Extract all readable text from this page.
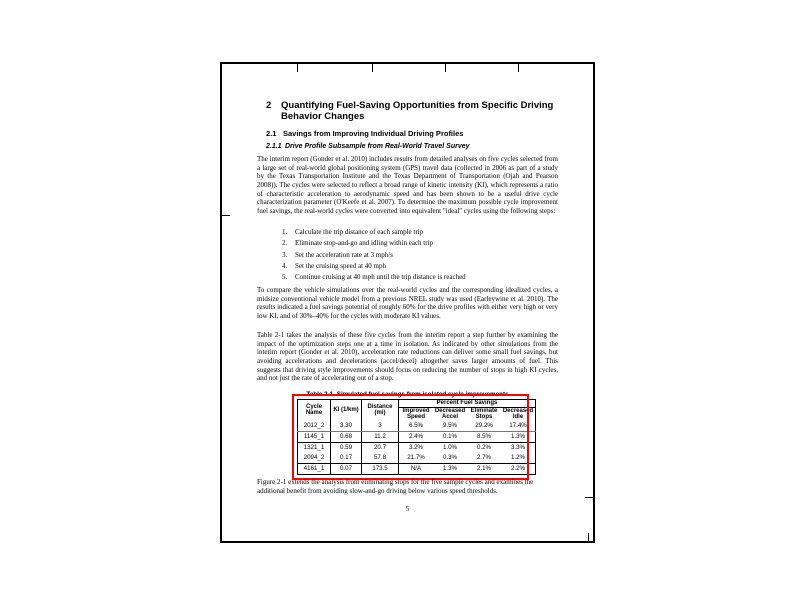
2	Quantifying Fuel-Saving Opportunities from Specific Driving Behavior Changes
2.1 Savings from Improving Individual Driving Profiles
2.1.1 Drive Profile Subsample from Real-World Travel Survey
The interim report (Gonder et al. 2010) includes results from detailed analyses on five cycles selected from a large set of real-world global positioning system (GPS) travel data (collected in 2006 as part of a study by the Texas Transportation Institute and the Texas Department of Transportation (Ojah and Pearson 2008)). The cycles were selected to reflect a broad range of kinetic intensity (KI), which represents a ratio of characteristic acceleration to aerodynamic speed and has been shown to be a useful drive cycle characterization parameter (O'Keefe et al. 2007). To determine the maximum possible cycle improvement fuel savings, the real-world cycles were converted into equivalent "ideal" cycles using the following steps:
1.	Calculate the trip distance of each sample trip
2.	Eliminate stop-and-go and idling within each trip
3.	Set the acceleration rate at 3 mph/s
4.	Set the cruising speed at 40 mph
5.	Continue cruising at 40 mph until the trip distance is reached
To compare the vehicle simulations over the real-world cycles and the corresponding idealized cycles, a midsize conventional vehicle model from a previous NREL study was used (Earleywine et al. 2010). The results indicated a fuel savings potential of roughly 60% for the drive profiles with either very high or very low KI, and of 30%–40% for the cycles with moderate KI values.
Table 2-1 takes the analysis of these five cycles from the interim report a step further by examining the impact of the optimization steps one at a time in isolation. As indicated by other simulations from the interim report (Gonder et al. 2010), acceleration rate reductions can deliver some small fuel savings, but avoiding accelerations and decelerations (accel/decel) altogether saves larger amounts of fuel. This suggests that driving style improvements should focus on reducing the number of stops in high KI cycles, and not just the rate of accelerating out of a stop.
Table 2-1. Simulated fuel savings from isolated cycle improvements
Cycle Name	KI (1/km)	Distance (mi)	Percent Fuel Savings			
			Improved Speed	Decreased Accel	Eliminate Stops	Decreased Idle
2012_2	3.30	3	6.5%	9.5%	29.2%	17.4%
1145_1	0.68	11.2	2.4%	0.1%	8.5%	1.3%
1321_1	0.59	20.7	3.2%	1.0%	0.2%	3.3%
2094_2	0.17	57.8	21.7%	0.3%	2.7%	1.2%
4161_1	0.07	173.5	N/A	1.3%	2.1%	2.2%
Figure 2-1 extends the analysis from eliminating stops for the five sample cycles and examines the additional benefit from avoiding slow-and-go driving below various speed thresholds.
5
